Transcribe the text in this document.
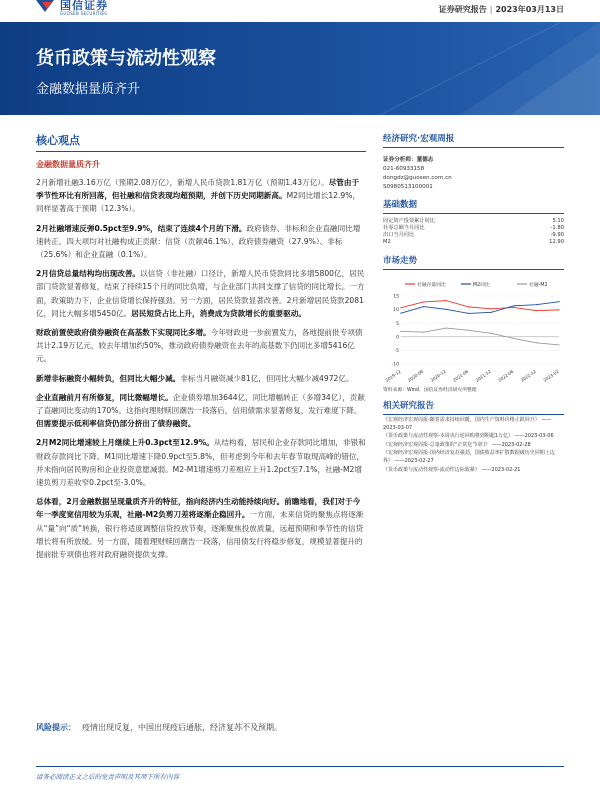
国信证券
GUOSEN SECURITIES	证券研究报告 | 2023年03月13日
货币政策与流动性观察
金融数据量质齐升
核心观点
金融数据量质齐升
2月新增社融3.16万亿（预期2.08万亿），新增人民币贷款1.81万亿（预期1.43万亿）。尽管由于季节性环比有所回落，但社融和信贷表现均超预期，并创下历史同期新高。M2同比增长12.9%，同样显著高于预期（12.3%）。
2月社融增速反弹0.5pct至9.9%，结束了连续4个月的下滑。政府债券、非标和企业直融同比增速转正，四大项均对社融构成正贡献：信贷（贡献46.1%）、政府债券融资（27.9%）、非标（25.6%）和企业直融（0.1%）。
2月信贷总量结构均出现改善。以信贷（非社融）口径计，新增人民币贷款同比多增5800亿，居民部门贷款显著修复，结束了持续15个月的同比负增，与企业部门共同支撑了信贷的同比增长。一方面，政策助力下，企业信贷增长保持强劲。另一方面，居民贷款显著改善。2月新增居民贷款2081亿，同比大幅多增5450亿。居民短贷占比上升，消费成为贷款增长的重要驱动。
财政前置使政府债券融资在高基数下实现同比多增。今年财政进一步前置发力，各地提前批专项债共计2.19万亿元，较去年增加约50%，推动政府债券融资在去年的高基数下仍同比多增5416亿元。
新增非标融资小幅转负，但同比大幅少减。非标当月融资减少81亿，但同比大幅少减4972亿。
企业直融前月有所修复，同比微幅增长。企业债券增加3644亿，同比增幅转正（多增34亿），贡献了直融同比变动的170%。这指向理财赎回潮告一段落后，信用债需求显著修复，发行难度下降。但需要提示低利率信贷仍部分挤出了债券融资。
2月M2同比增速较上月继续上升0.3pct至12.9%。从结构看，居民和企业存款同比增加，非银和财政存款同比下降。M1同比增速下降0.9pct至5.8%，但考虑到今年和去年春节取现高峰的错位，并未指向居民购房和企业投资意愿减弱。M2-M1增速剪刀差相应上升1.2pct至7.1%，社融-M2增速负剪刀差收窄0.2pct至-3.0%。
总体看，2月金融数据呈现量质齐升的特征，指向经济内生动能持续向好。前瞻地看，我们对于今年一季度宽信用较为乐观，社融-M2负剪刀差将逐渐企稳回升。一方面，未来信贷的聚焦点将逐渐从“量”向“质”转换，银行将适度调整信贷投放节奏，逐渐聚焦投放质量，远超预期和季节性的信贷增长将有所放缓。另一方面，随着理财赎回潮告一段落，信用债发行将稳步修复，规模显著提升的提前批专项债也将对政府融资提供支撑。
风险提示： 疫情出现反复，中国出现疫后通胀，经济复苏不及预期。
请务必阅读正文之后的免责声明及其项下所有内容
经济研究·宏观周报
证券分析师：董德志
021-60933158
dongdz@guosen.com.cn
S0980513100001
基础数据
固定资产投资累计同比	5.10
社零总额当月同比	-1.80
出口当月同比	-9.90
M2	12.90
市场走势
社融存量同比	M2同比	社融-M2
-10
-5
0
5
10
15
2019-12 2020-06 2020-12 2021-06 2021-12 2022-06 2022-12 2023-02
资料来源：Wind、国信证券经济研究所整理
相关研究报告
《宏观经济宏观周报-随着需求持续回暖，国内生产资料价格止跌回升》 ——2023-03-07
《货币政策与流动性观察-本周央行逆回购将到期超1万亿》 ——2023-03-06
《宏观经济宏观周报-总量政策的“正常化”回归》 ——2023-02-28
《宏观经济宏观周报-国内经济复苏强劲，国债收益率扩散数据破历史同期上边界》 ——2023-02-27
《货币政策与流动性观察-流动性边际收紧》 ——2023-02-21
